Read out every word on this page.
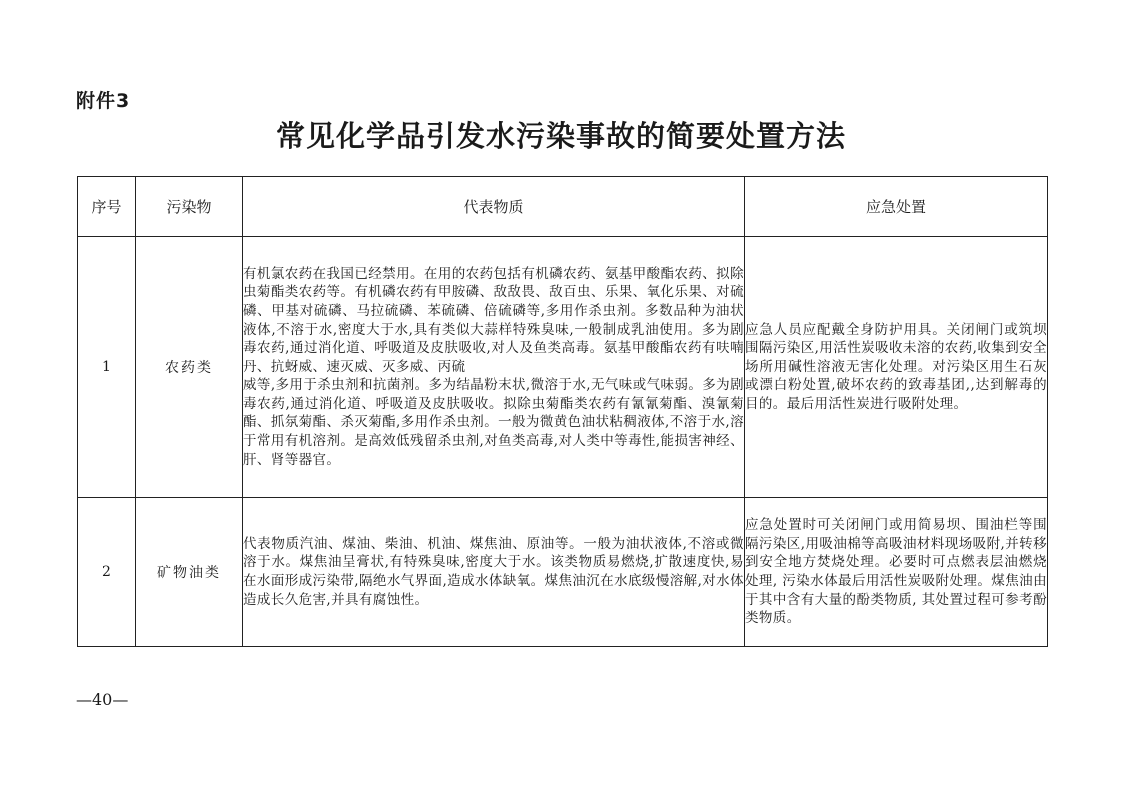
附件3
常见化学品引发水污染事故的简要处置方法
序号	污染物	代表物质	应急处置
1	农药类	有机氯农药在我国已经禁用。在用的农药包括有机磷农药、氨基甲酸酯农药、拟除虫菊酯类农药等。有机磷农药有甲胺磷、敌敌畏、敌百虫、乐果、氧化乐果、对硫磷、甲基对硫磷、马拉硫磷、苯硫磷、倍硫磷等,多用作杀虫剂。多数品种为油状液体,不溶于水,密度大于水,具有类似大蒜样特殊臭味,一般制成乳油使用。多为剧毒农药,通过消化道、呼吸道及皮肤吸收,对人及鱼类高毒。氨基甲酸酯农药有呋喃丹、抗蚜威、速灭威、灭多威、丙硫
威等,多用于杀虫剂和抗菌剂。多为结晶粉末状,微溶于水,无气味或气味弱。多为剧毒农药,通过消化道、呼吸道及皮肤吸收。拟除虫菊酯类农药有氰氰菊酯、溴氰菊酯、抓氛菊酯、杀灭菊酯,多用作杀虫剂。一般为微黄色油状粘稠液体,不溶于水,溶于常用有机溶剂。是高效低残留杀虫剂,对鱼类高毒,对人类中等毒性,能损害神经、肝、肾等器官。	应急人员应配戴全身防护用具。关闭闸门或筑坝围隔污染区,用活性炭吸收未溶的农药,收集到安全场所用碱性溶液无害化处理。对污染区用生石灰或漂白粉处置,破坏农药的致毒基团,,达到解毒的目的。最后用活性炭进行吸附处理。

2	矿物油类	代表物质汽油、煤油、柴油、机油、煤焦油、原油等。一般为油状液体,不溶或微溶于水。煤焦油呈膏状,有特殊臭味,密度大于水。该类物质易燃烧,扩散速度快,易在水面形成污染带,隔绝水气界面,造成水体缺氧。煤焦油沉在水底级慢溶解,对水体造成长久危害,并具有腐蚀性。	应急处置时可关闭闸门或用简易坝、围油栏等围隔污染区,用吸油棉等高吸油材料现场吸附,并转移到安全地方焚烧处理。必要时可点燃表层油燃烧处理, 污染水体最后用活性炭吸附处理。煤焦油由于其中含有大量的酚类物质, 其处置过程可参考酚类物质。
—40—
